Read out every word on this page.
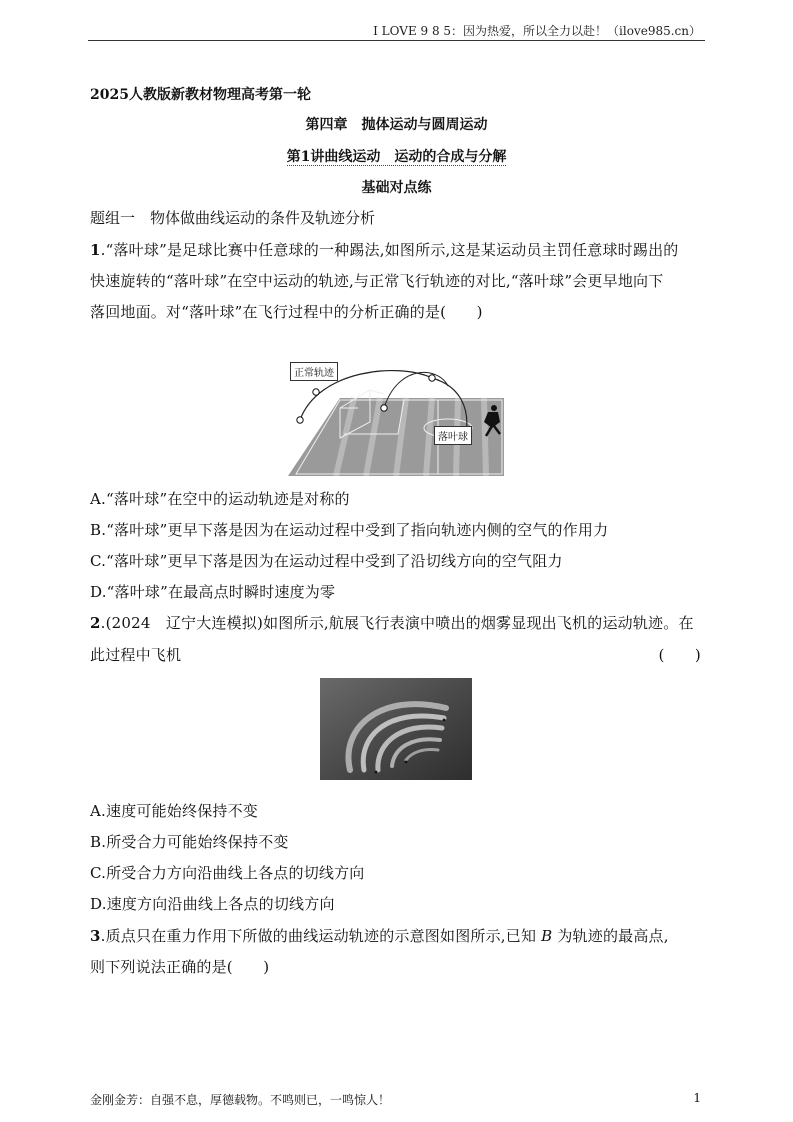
I LOVE 9 8 5：因为热爱，所以全力以赴！（ilove985.cn）
2025人教版新教材物理高考第一轮
第四章　抛体运动与圆周运动
第1讲曲线运动　运动的合成与分解
基础对点练
题组一　物体做曲线运动的条件及轨迹分析
1.“落叶球”是足球比赛中任意球的一种踢法,如图所示,这是某运动员主罚任意球时踢出的
快速旋转的“落叶球”在空中运动的轨迹,与正常飞行轨迹的对比,“落叶球”会更早地向下
落回地面。对“落叶球”在飞行过程中的分析正确的是(　　)
正常轨迹
落叶球
A.“落叶球”在空中的运动轨迹是对称的
B.“落叶球”更早下落是因为在运动过程中受到了指向轨迹内侧的空气的作用力
C.“落叶球”更早下落是因为在运动过程中受到了沿切线方向的空气阻力
D.“落叶球”在最高点时瞬时速度为零
2.(2024　辽宁大连模拟)如图所示,航展飞行表演中喷出的烟雾显现出飞机的运动轨迹。在
此过程中飞机	(　　)
A.速度可能始终保持不变
B.所受合力可能始终保持不变
C.所受合力方向沿曲线上各点的切线方向
D.速度方向沿曲线上各点的切线方向
3.质点只在重力作用下所做的曲线运动轨迹的示意图如图所示,已知 B 为轨迹的最高点,
则下列说法正确的是(　　)
金刚金芳：自强不息，厚德载物。不鸣则已，一鸣惊人！	1
